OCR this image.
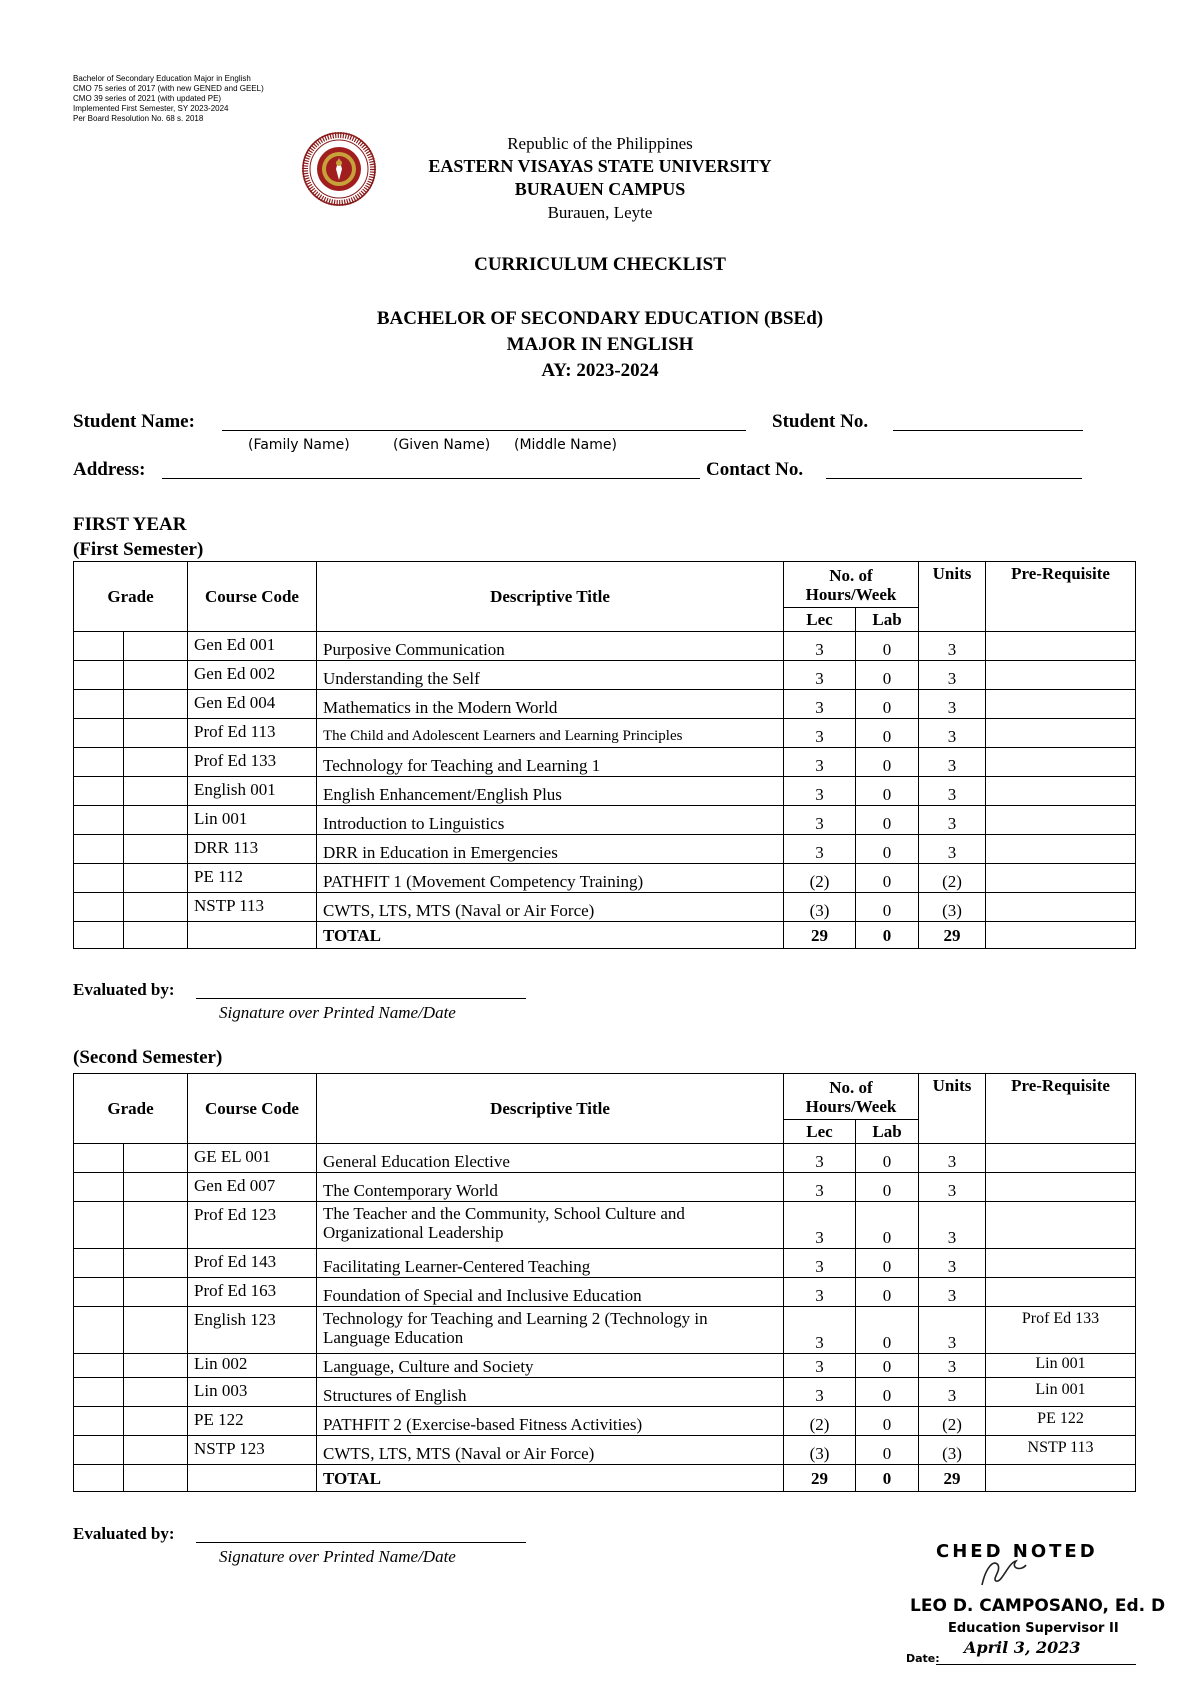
Bachelor of Secondary Education Major in English
CMO 75 series of 2017 (with new GENED and GEEL)
CMO 39 series of 2021 (with updated PE)
Implemented First Semester, SY 2023-2024
Per Board Resolution No. 68 s. 2018
Republic of the Philippines
EASTERN VISAYAS STATE UNIVERSITY
BURAUEN CAMPUS
Burauen, Leyte
CURRICULUM CHECKLIST
BACHELOR OF SECONDARY EDUCATION (BSEd)
MAJOR IN ENGLISH
AY: 2023-2024
Student Name:	Student No.
(Family Name)	(Given Name) (Middle Name)
Address:	Contact No.
FIRST YEAR
(First Semester)
Grade		Course Code	Descriptive Title	No. of Hours/Week		Units	Pre-Requisite
				Lec	Lab		
		Gen Ed 001	Purposive Communication	3	0	3	
		Gen Ed 002	Understanding the Self	3	0	3	
		Gen Ed 004	Mathematics in the Modern World	3	0	3	
		Prof Ed 113	The Child and Adolescent Learners and Learning Principles	3	0	3	
		Prof Ed 133	Technology for Teaching and Learning 1	3	0	3	
		English 001	English Enhancement/English Plus	3	0	3	
		Lin 001	Introduction to Linguistics	3	0	3	
		DRR 113	DRR in Education in Emergencies	3	0	3	
		PE 112	PATHFIT 1 (Movement Competency Training)	(2)	0	(2)	
		NSTP 113	CWTS, LTS, MTS (Naval or Air Force)	(3)	0	(3)	
			TOTAL	29	0	29	
Evaluated by:
Signature over Printed Name/Date
(Second Semester)
Grade		Course Code	Descriptive Title	No. of Hours/Week		Units	Pre-Requisite
				Lec	Lab		
		GE EL 001	General Education Elective	3	0	3	
		Gen Ed 007	The Contemporary World	3	0	3	
		Prof Ed 123	The Teacher and the Community, School Culture and Organizational Leadership	3	0	3	
		Prof Ed 143	Facilitating Learner-Centered Teaching	3	0	3	
		Prof Ed 163	Foundation of Special and Inclusive Education	3	0	3	
		English 123	Technology for Teaching and Learning 2 (Technology in Language Education	3	0	3	Prof Ed 133
		Lin 002	Language, Culture and Society	3	0	3	Lin 001
		Lin 003	Structures of English	3	0	3	Lin 001
		PE 122	PATHFIT 2 (Exercise-based Fitness Activities)	(2)	0	(2)	PE 122
		NSTP 123	CWTS, LTS, MTS (Naval or Air Force)	(3)	0	(3)	NSTP 113
			TOTAL	29	0	29	
Evaluated by:
Signature over Printed Name/Date	CHED NOTED
LEO D. CAMPOSANO, Ed. D
Education Supervisor II
Date:
April 3, 2023
